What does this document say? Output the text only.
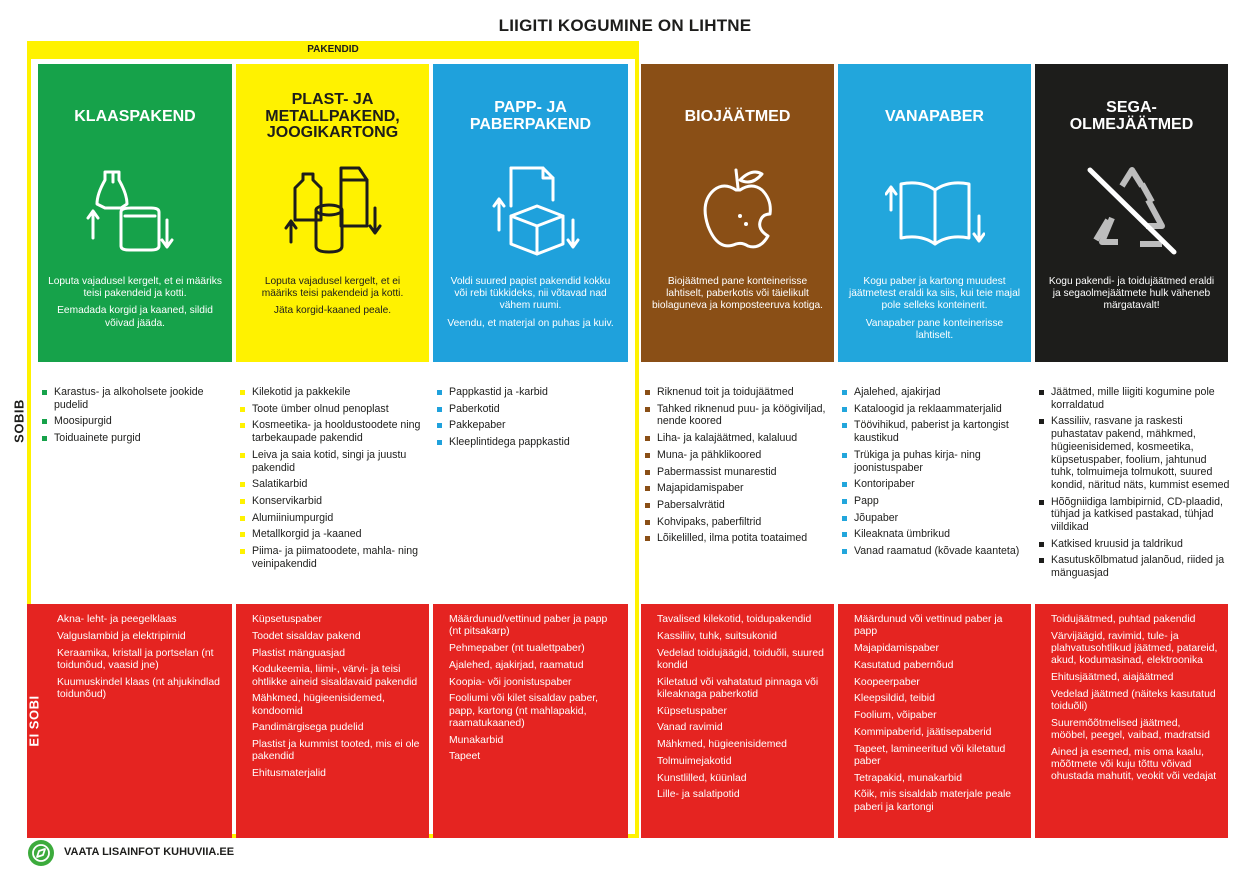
LIIGITI KOGUMINE ON LIHTNE
PAKENDID
SOBIB
EI SOBI
KLAASPAKEND

Loputa vajadusel kergelt, et ei määriks teisi pakendeid ja kotti.

Eemadada korgid ja kaaned, sildid võivad jääda.

PLAST- JA METALLPAKEND, JOOGIKARTONG

Loputa vajadusel kergelt, et ei määriks teisi pakendeid ja kotti.

Jäta korgid-kaaned peale.

PAPP- JA PABERPAKEND

Voldi suured papist pakendid kokku või rebi tükkideks, nii võtavad nad vähem ruumi.

Veendu, et materjal on puhas ja kuiv.

BIOJÄÄTMED

Biojäätmed pane konteinerisse lahtiselt, paberkotis või täielikult biolaguneva ja komposteeruva kotiga.

VANAPABER

Kogu paber ja kartong muudest jäätmetest eraldi ka siis, kui teie majal pole selleks konteinerit.

Vanapaber pane konteinerisse lahtiselt.

SEGA-
OLMEJÄÄTMED

Kogu pakendi- ja toidujäätmed eraldi ja segaolmejäätmete hulk väheneb märgatavalt!

Karastus- ja alkoholsete jookide pudelid
Moosipurgid
Toiduainete purgid
Kilekotid ja pakkekile
Toote ümber olnud penoplast
Kosmeetika- ja hooldustoodete ning tarbekaupade pakendid
Leiva ja saia kotid, singi ja juustu pakendid
Salatikarbid
Konservikarbid
Alumiiniumpurgid
Metallkorgid ja -kaaned
Piima- ja piimatoodete, mahla- ning veinipakendid
Pappkastid ja -karbid
Paberkotid
Pakkepaber
Kleeplintidega pappkastid
Riknenud toit ja toidujäätmed
Tahked riknenud puu- ja köögiviljad, nende koored
Liha- ja kalajäätmed, kalaluud
Muna- ja pähklikoored
Pabermassist munarestid
Majapidamispaber
Pabersalvrätid
Kohvipaks, paberfiltrid
Lõikelilled, ilma potita toataimed
Ajalehed, ajakirjad
Kataloogid ja reklaammaterjalid
Töövihikud, paberist ja kartongist kaustikud
Trükiga ja puhas kirja- ning joonistuspaber
Kontoripaber
Papp
Jõupaber
Kileaknata ümbrikud
Vanad raamatud (kõvade kaanteta)
Jäätmed, mille liigiti kogumine pole korraldatud
Kassiliiv, rasvane ja raskesti puhastatav pakend, mähkmed, hügieenisidemed, kosmeetika, küpsetuspaber, foolium, jahtunud tuhk, tolmuimeja tolmukott, suured kondid, näritud näts, kummist esemed
Hõõgniidiga lambipirnid, CD-plaadid, tühjad ja katkised pastakad, tühjad viildikad
Katkised kruusid ja taldrikud
Kasutuskõlbmatud jalanõud, riided ja mänguasjad
Akna- leht- ja peegelklaas
Valguslambid ja elektripirnid
Keraamika, kristall ja portselan (nt toidunõud, vaasid jne)
Kuumuskindel klaas (nt ahjukindlad toidunõud)
Küpsetuspaber
Toodet sisaldav pakend
Plastist mänguasjad
Kodukeemia, liimi-, värvi- ja teisi ohtlikke aineid sisaldavaid pakendid
Mähkmed, hügieenisidemed, kondoomid
Pandimärgisega pudelid
Plastist ja kummist tooted, mis ei ole pakendid
Ehitusmaterjalid
Määrdunud/vettinud paber ja papp (nt pitsakarp)
Pehmepaber (nt tualettpaber)
Ajalehed, ajakirjad, raamatud
Koopia- või joonistuspaber
Fooliumi või kilet sisaldav paber, papp, kartong (nt mahlapakid, raamatukaaned)
Munakarbid
Tapeet
Tavalised kilekotid, toidupakendid
Kassiliiv, tuhk, suitsukonid
Vedelad toidujäägid, toiduõli, suured kondid
Kiletatud või vahatatud pinnaga või kileaknaga paberkotid
Küpsetuspaber
Vanad ravimid
Mähkmed, hügieenisidemed
Tolmuimejakotid
Kunstlilled, küünlad
Lille- ja salatipotid
Määrdunud või vettinud paber ja papp
Majapidamispaber
Kasutatud pabernõud
Koopeerpaber
Kleepsildid, teibid
Foolium, võipaber
Kommipaberid, jäätisepaberid
Tapeet, lamineeritud või kiletatud paber
Tetrapakid, munakarbid
Kõik, mis sisaldab materjale peale paberi ja kartongi
Toidujäätmed, puhtad pakendid
Värvijäägid, ravimid, tule- ja plahvatusohtlikud jäätmed, patareid, akud, kodumasinad, elektroonika
Ehitusjäätmed, aiajäätmed
Vedelad jäätmed (näiteks kasutatud toiduõli)
Suuremõõtmelised jäätmed, mööbel, peegel, vaibad, madratsid
Ained ja esemed, mis oma kaalu, mõõtmete või kuju tõttu võivad ohustada mahutit, veokit või vedajat
VAATA LISAINFOT KUHUVIIA.EE
